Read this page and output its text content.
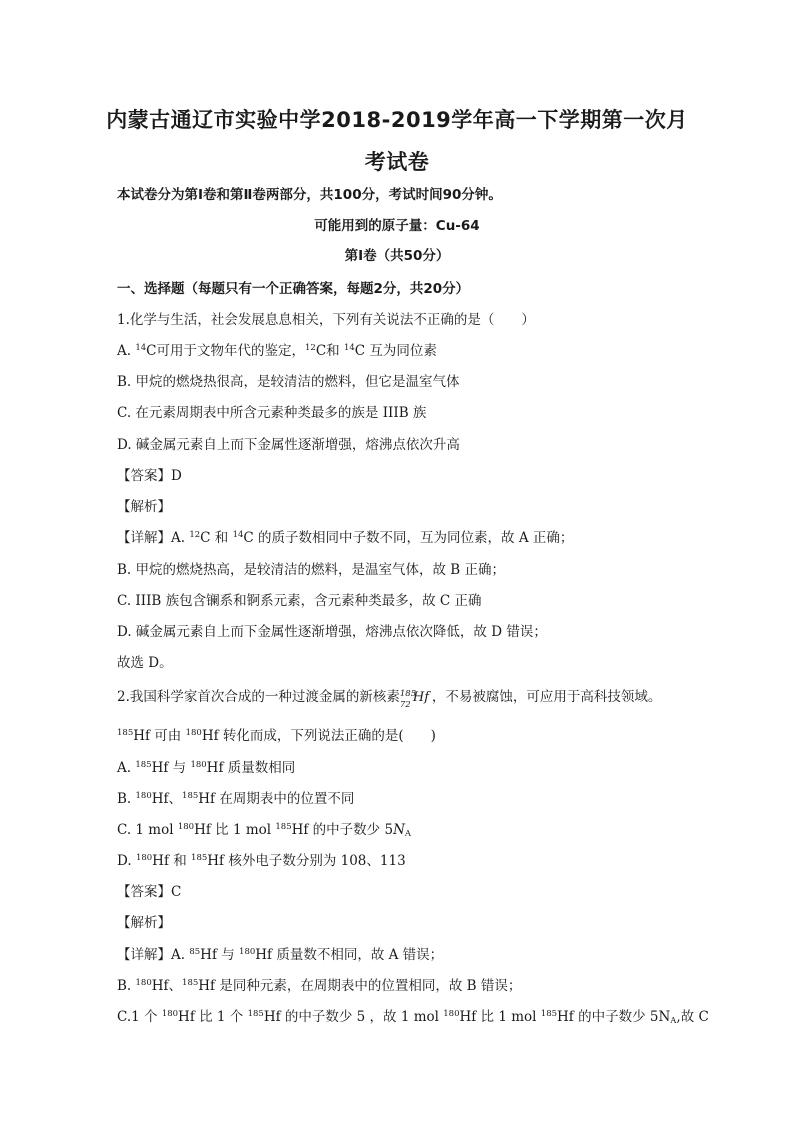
内蒙古通辽市实验中学2018-2019学年高一下学期第一次月
考试卷
本试卷分为第Ⅰ卷和第Ⅱ卷两部分，共100分，考试时间90分钟。
可能用到的原子量：Cu-64
第Ⅰ卷（共50分）
一、选择题（每题只有一个正确答案，每题2分，共20分）
1.化学与生活，社会发展息息相关，下列有关说法不正确的是（　　）
A. $^{14}$C可用于文物年代的鉴定，$^{12}$C和 $^{14}$C 互为同位素
B. 甲烷的燃烧热很高，是较清洁的燃料，但它是温室气体
C. 在元素周期表中所含元素种类最多的族是 IIIB 族
D. 碱金属元素自上而下金属性逐渐增强，熔沸点依次升高
【答案】D
【解析】
【详解】A. $^{12}$C 和 $^{14}$C 的质子数相同中子数不同，互为同位素，故 A 正确；
B. 甲烷的燃烧热高，是较清洁的燃料，是温室气体，故 B 正确；
C. IIIB 族包含镧系和锕系元素，含元素种类最多，故 C 正确
D. 碱金属元素自上而下金属性逐渐增强，熔沸点依次降低，故 D 错误；
故选 D。
2.我国科学家首次合成的一种过渡金属的新核素 185
72 Hf ，不易被腐蚀，可应用于高科技领域。
$^{185}$Hf 可由 $^{180}$Hf 转化而成，下列说法正确的是(　　)
A. $^{185}$Hf 与 $^{180}$Hf 质量数相同
B. $^{180}$Hf、$^{185}$Hf 在周期表中的位置不同
C. 1 mol $^{180}$Hf 比 1 mol $^{185}$Hf 的中子数少 $5N_A$
D. $^{180}$Hf 和 $^{185}$Hf 核外电子数分别为 108、113
【答案】C
【解析】
【详解】A. $^{85}$Hf 与 $^{180}$Hf 质量数不相同，故 A 错误；
B. $^{180}$Hf、$^{185}$Hf 是同种元素，在周期表中的位置相同，故 B 错误；
C.1 个 $^{180}$Hf 比 1 个 $^{185}$Hf 的中子数少 5 ，故 1 mol $^{180}$Hf 比 1 mol $^{185}$Hf 的中子数少 $5N_A$,故 C
